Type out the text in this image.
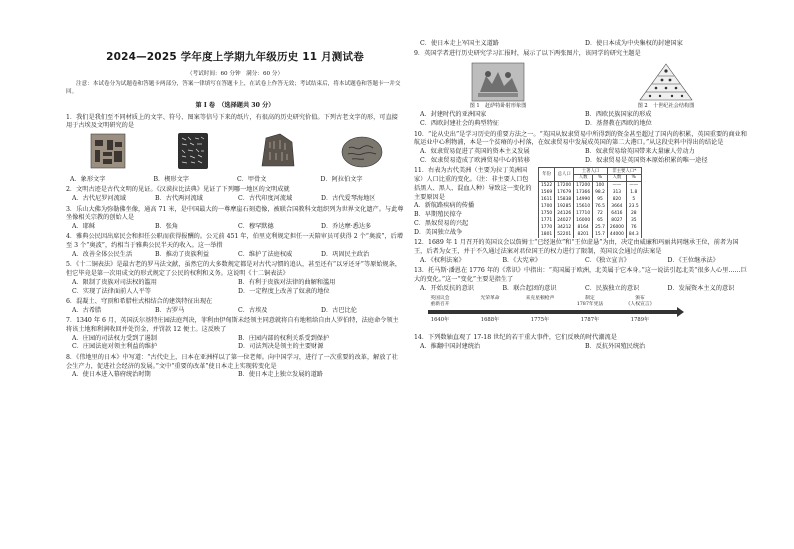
2024—2025 学年度上学期九年级历史 11 月测试卷
（考试时间：60 分钟　满分：60 分）
注意：本试卷分为试题卷和答题卡两部分，答案一律填写在答题卡上，在试卷上作答无效；考试结束后，将本试题卷和答题卡一并交回。
第 I 卷　（选择题共 30 分）

1．我们是我们至不同材质上的文字、符号、图案等信号下来的纸片，有很高的历史研究价值。下列古老文字的形，可直接用于古埃及文明研究的是

A．象形文字	B．楔形文字	C．甲骨文	D．阿拉伯文字

2．文明古迹是古代文明的见证。《汉谟拉比法典》见证了下列哪一地区的文明成就

A．古代尼罗河流域	B．古代两河流域	C．古代印度河流域	D．古代爱琴海地区

3．乐山大佛为弥勒佛坐像，通高 71 米，是中国最大的一尊摩崖石刻造像，被联合国教科文组织列为世界文化遗产。与此尊坐像相关宗教的创始人是

A．耶稣	B．张角	C．穆罕默德	D．乔达摩·悉达多

4．雅典公民因出席民会和担任公职而获得报酬的。公元前 451 年，伯里克利规定担任一天陪审员可获得 2 个“奥波”，后增至 3 个“奥波”，约相当于雅典公民半天的收入。这一举措

A．改善全体公民生活	B．推动了贵族利益	C．维护了法庭权威	D．巩固民主政治

5．《十二铜表法》是最古老的罗马法文献，虽然它的大多数规定都是对古代习惯的追认，甚至还有“以牙还牙”等原始规条，但它毕竟是第一次用成文的形式规定了公民的权利和义务。这说明《十二铜表法》

A．限制了贵族对司法权的滥用	B．有利于贵族对法律的曲解和滥用
C．实现了法律面前人人平等	D．一定程度上改善了奴隶的地位

6．混凝土、穹顶和希腊柱式相结合的建筑特征出现在

A．古希腊	B．古罗马	C．古埃及	D．古巴比伦

7．1340 年 6 月，英国沃尔基特庄园法庭判决，菲利由伊甸斯未经领主同意就将自有地租给自由人罗伯特，法庭命令领主将该土地和利润收回并处罚金，并罚款 12 便士。这反映了

A．庄园的司法权力受到了遏制	B．庄园内部的权利关系受到保护
C．庄园法庭对领主利益的维护	D．司法判决是领主的主要财源

8．《伟地里的日本》中写道：“古代史上，日本在亚洲样以了第一位老师。向中国学习，进行了一次重要的改革，解放了社会生产力，促进社会经济的发展。”文中“重要的改革”使日本走上实现转变化是

A．使日本进入幕府统治时期	B．使日本走上独立发展的道路
C．使日本走上军国主义道路	D．使日本成为中央集权的封建国家

9．英国学者进行历史研究学习汇报时，展示了以下两张图片，该同学的研究主题是

图 1　赶萨特卧射形象图	图 2　十世纪社会结构图
A．封建时代的亚洲国家	B．西欧民族国家的形成
C．西欧封建社会的典型特征	D．基督教在西欧的地位

10．“论从史出”是学习历史的重要方法之一。“英国从奴隶贸易中所得到的资金甚至超过了国内的积累，英国重要的商业和航运业中心利物浦，本是一个贫瘠的小村落，在奴隶贸易中发展成英国的第二大港口。”从这段史料中得出的结论是

A．奴隶贸易促进了英国的资本主义发展	B．奴隶贸易给英国带来大量廉人劳动力
C．奴隶贸易造成了欧洲贸易中心的转移	D．奴隶贸易是英国资本原始积累的唯一途径

11．右表为古代美洲（主要为拉丁美洲国家）人口比重的变化。（注：非主要人口包括黑人、黑人、混血人种）导致这一变化的主要原因是

A．新航路疾病的传播
B．早期殖民掠夺
C．黑奴贸易的兴起
D．美国独立战争
年份	总人口	土著人口		非主要人口*	
		人数	%	人数	%
1522	17200	17200	100	——	——
1569	17679	17366	98.2	313	1.8
1611	15838	14990	95	820	5
1700	19285	15610	76.5	3664	23.5
1750	24126	17710	72	6416	28
1771	24027	16000	65	8027	35
1770	34212	8164	25.7	26000	76
1801	52201	8201	15.7	44000	84.3

12．1689 年 1 月召开的英国议会以詹姆士“已经退位”和“王位虚悬”为由，决定由威廉和玛丽共同继承王位，前者为国王，后者为女王，并于不久通过法案对君位国王的权力进行了限制，英国议会通过的法案是

A．《权利法案》	B．《大宪章》	C．《独立宣言》	D．《王位继承法》

13．托马斯·潘恩在 1776 年的《常识》中指出：“英国属于欧洲，北美属于它本身。”这一说法引起北美“很多人心里……巨大的变化。”这一“变化”主要是指生了

A．开始反抗的意识	B．联合起团的意识	C．民族独立的意识	D．发展资本主义的意识
英国议会
重新召开
1640年
光荣革命
1688年
来克星顿枪声
1775年
制定
1787年宪法
1787年
颁布
《人权宣言》
1789年

14．下列数轴直观了 17-18 世纪的若干重大事件，它们反映的时代潮流是

A．推翻中国封建统治	B．反抗外国殖民统治
